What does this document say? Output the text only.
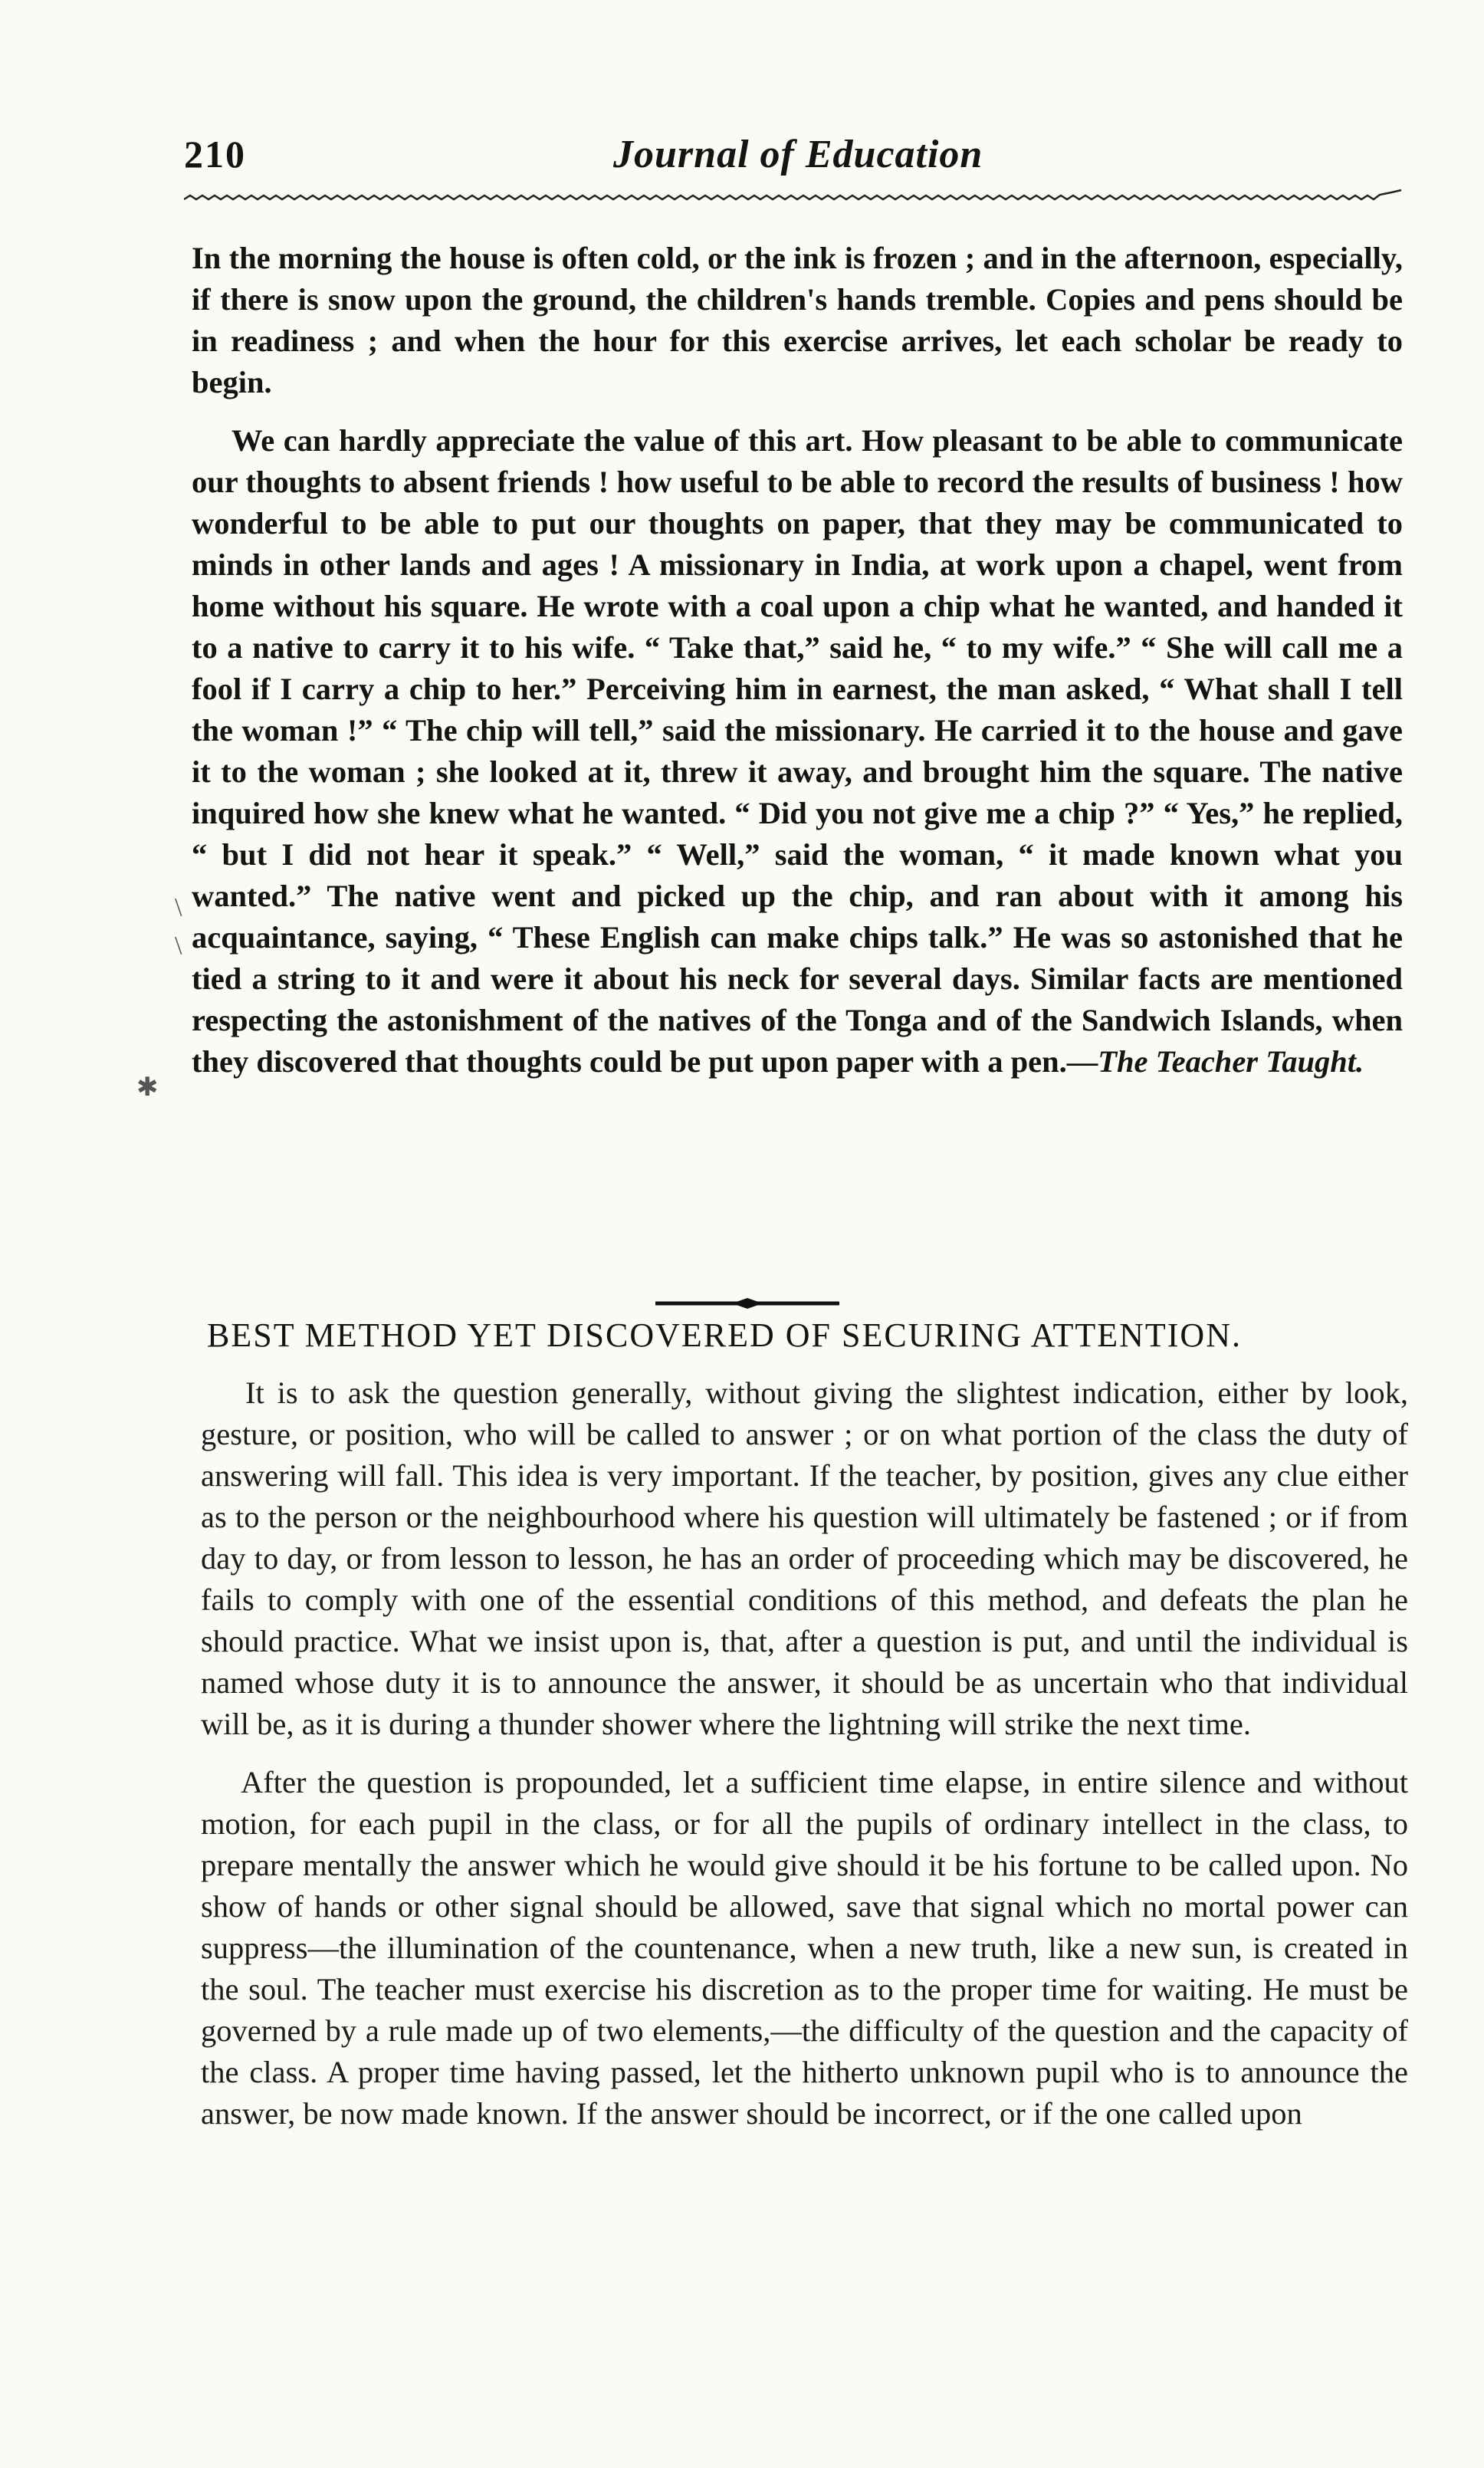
210	Journal of Education

In the morning the house is often cold, or the ink is frozen ; and in the afternoon, especially, if there is snow upon the ground, the children's hands tremble. Copies and pens should be in readiness ; and when the hour for this exercise arrives, let each scholar be ready to begin.

We can hardly appreciate the value of this art. How pleasant to be able to communicate our thoughts to absent friends ! how useful to be able to record the results of business ! how wonderful to be able to put our thoughts on paper, that they may be communicated to minds in other lands and ages ! A missionary in India, at work upon a chapel, went from home without his square. He wrote with a coal upon a chip what he wanted, and handed it to a native to carry it to his wife. “ Take that,” said he, “ to my wife.” “ She will call me a fool if I carry a chip to her.” Perceiving him in earnest, the man asked, “ What shall I tell the woman !” “ The chip will tell,” said the missionary. He carried it to the house and gave it to the woman ; she looked at it, threw it away, and brought him the square. The native inquired how she knew what he wanted. “ Did you not give me a chip ?” “ Yes,” he replied, “ but I did not hear it speak.” “ Well,” said the woman, “ it made known what you wanted.” The native went and picked up the chip, and ran about with it among his acquaintance, saying, “ These English can make chips talk.” He was so astonished that he tied a string to it and were it about his neck for several days. Similar facts are mentioned respecting the astonishment of the natives of the Tonga and of the Sandwich Islands, when they discovered that thoughts could be put upon paper with a pen.—The Teacher Taught.

BEST METHOD YET DISCOVERED OF SECURING ATTENTION.

It is to ask the question generally, without giving the slightest indication, either by look, gesture, or position, who will be called to answer ; or on what portion of the class the duty of answering will fall. This idea is very important. If the teacher, by position, gives any clue either as to the person or the neighbourhood where his question will ultimately be fastened ; or if from day to day, or from lesson to lesson, he has an order of proceeding which may be discovered, he fails to comply with one of the essential conditions of this method, and defeats the plan he should practice. What we insist upon is, that, after a question is put, and until the individual is named whose duty it is to announce the answer, it should be as uncertain who that individual will be, as it is during a thunder shower where the lightning will strike the next time.

After the question is propounded, let a sufficient time elapse, in entire silence and without motion, for each pupil in the class, or for all the pupils of ordinary intellect in the class, to prepare mentally the answer which he would give should it be his fortune to be called upon. No show of hands or other signal should be allowed, save that signal which no mortal power can suppress—the illumination of the countenance, when a new truth, like a new sun, is created in the soul. The teacher must exercise his discretion as to the proper time for waiting. He must be governed by a rule made up of two elements,—the difficulty of the question and the capacity of the class. A proper time having passed, let the hitherto unknown pupil who is to announce the answer, be now made known. If the answer should be incorrect, or if the one called upon

\
\
✱
